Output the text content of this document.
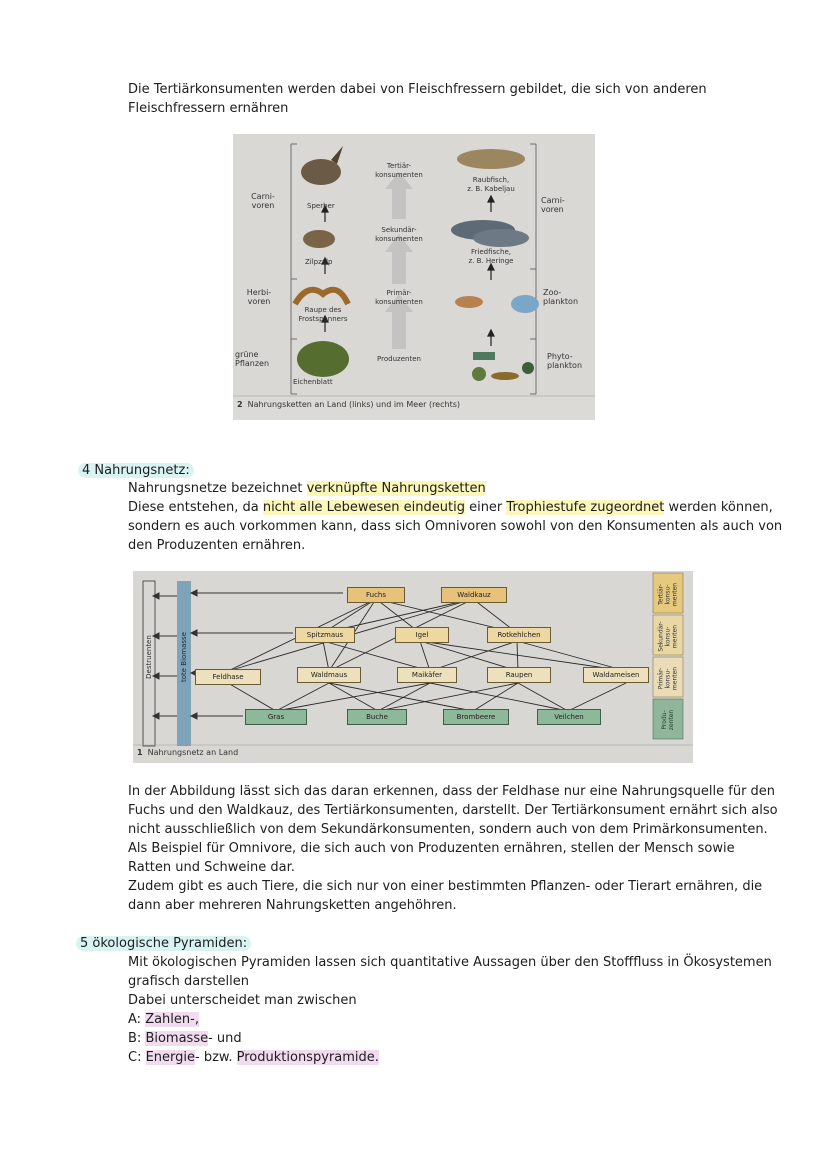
Die Tertiärkonsumenten werden dabei von Fleischfressern gebildet, die sich von anderen
Fleischfressern ernähren
Carni-
voren
Herbi-
voren
grüne
Pflanzen
Sperber
Zilpzalp
Raupe des
Frostspanners
Eichenblatt
Tertiär-
konsumenten
Sekundär-
konsumenten
Primär-
konsumenten
Produzenten
Raubfisch,
z. B. Kabeljau
Friedfische,
z. B. Heringe
Carni-
voren
Zoo-
plankton
Phyto-
plankton
2 Nahrungsketten an Land (links) und im Meer (rechts)
4 Nahrungsnetz:
Nahrungsnetze bezeichnet verknüpfte Nahrungsketten
Diese entstehen, da nicht alle Lebewesen eindeutig einer Trophiestufe zugeordnet werden können,
sondern es auch vorkommen kann, dass sich Omnivoren sowohl von den Konsumenten als auch von
den Produzenten ernähren.
Destruenten	tote Biomasse
Fuchs	Waldkauz
Spitzmaus	Igel	Rotkehlchen
Feldhase	Waldmaus	Maikäfer	Raupen	Waldameisen
Gras	Buche	Brombeere	Veilchen
Tertiär- konsu- menten
Sekundär- konsu- menten
Primär- konsu- menten
Produ- zenten
1 Nahrungsnetz an Land
In der Abbildung lässt sich das daran erkennen, dass der Feldhase nur eine Nahrungsquelle für den
Fuchs und den Waldkauz, des Tertiärkonsumenten, darstellt. Der Tertiärkonsument ernährt sich also
nicht ausschließlich von dem Sekundärkonsumenten, sondern auch von dem Primärkonsumenten.
Als Beispiel für Omnivore, die sich auch von Produzenten ernähren, stellen der Mensch sowie
Ratten und Schweine dar.
Zudem gibt es auch Tiere, die sich nur von einer bestimmten Pflanzen- oder Tierart ernähren, die
dann aber mehreren Nahrungsketten angehöhren.
5 ökologische Pyramiden:
Mit ökologischen Pyramiden lassen sich quantitative Aussagen über den Stofffluss in Ökosystemen
grafisch darstellen
Dabei unterscheidet man zwischen
A: Zahlen-,
B: Biomasse- und
C: Energie- bzw. Produktionspyramide.
